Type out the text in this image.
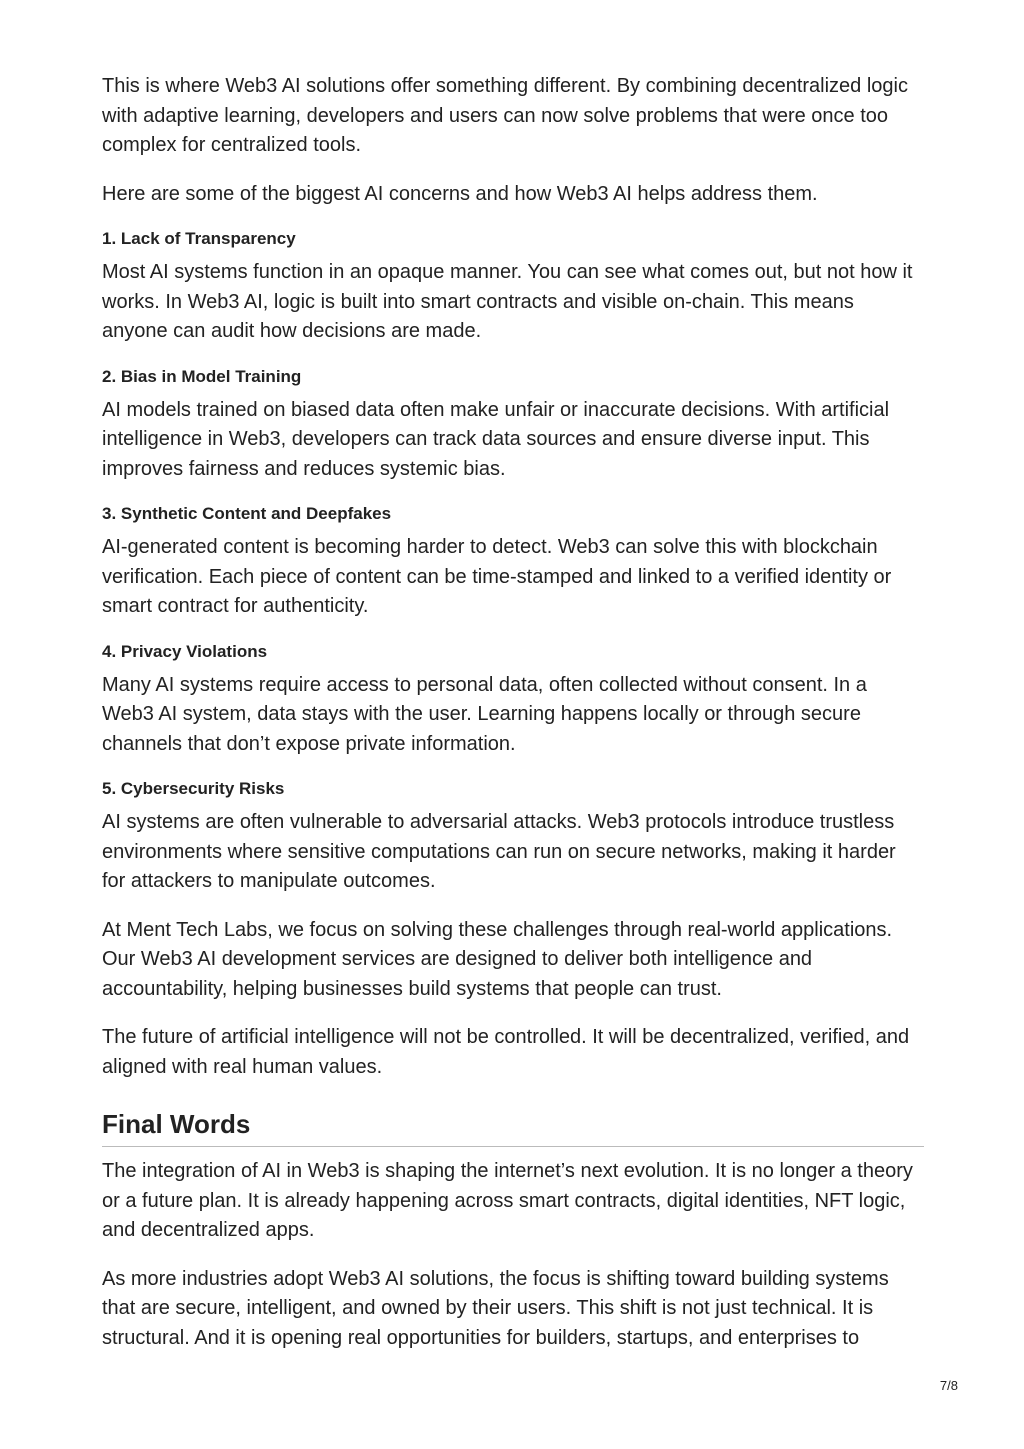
This is where Web3 AI solutions offer something different. By combining decentralized logic with adaptive learning, developers and users can now solve problems that were once too complex for centralized tools.

Here are some of the biggest AI concerns and how Web3 AI helps address them.

1. Lack of Transparency

Most AI systems function in an opaque manner. You can see what comes out, but not how it works. In Web3 AI, logic is built into smart contracts and visible on-chain. This means anyone can audit how decisions are made.

2. Bias in Model Training

AI models trained on biased data often make unfair or inaccurate decisions. With artificial intelligence in Web3, developers can track data sources and ensure diverse input. This improves fairness and reduces systemic bias.

3. Synthetic Content and Deepfakes

AI-generated content is becoming harder to detect. Web3 can solve this with blockchain verification. Each piece of content can be time-stamped and linked to a verified identity or smart contract for authenticity.

4. Privacy Violations

Many AI systems require access to personal data, often collected without consent. In a Web3 AI system, data stays with the user. Learning happens locally or through secure channels that don’t expose private information.

5. Cybersecurity Risks

AI systems are often vulnerable to adversarial attacks. Web3 protocols introduce trustless environments where sensitive computations can run on secure networks, making it harder for attackers to manipulate outcomes.

At Ment Tech Labs, we focus on solving these challenges through real-world applications. Our Web3 AI development services are designed to deliver both intelligence and accountability, helping businesses build systems that people can trust.

The future of artificial intelligence will not be controlled. It will be decentralized, verified, and aligned with real human values.

Final Words

The integration of AI in Web3 is shaping the internet’s next evolution. It is no longer a theory or a future plan. It is already happening across smart contracts, digital identities, NFT logic, and decentralized apps.

As more industries adopt Web3 AI solutions, the focus is shifting toward building systems that are secure, intelligent, and owned by their users. This shift is not just technical. It is structural. And it is opening real opportunities for builders, startups, and enterprises to

7/8
